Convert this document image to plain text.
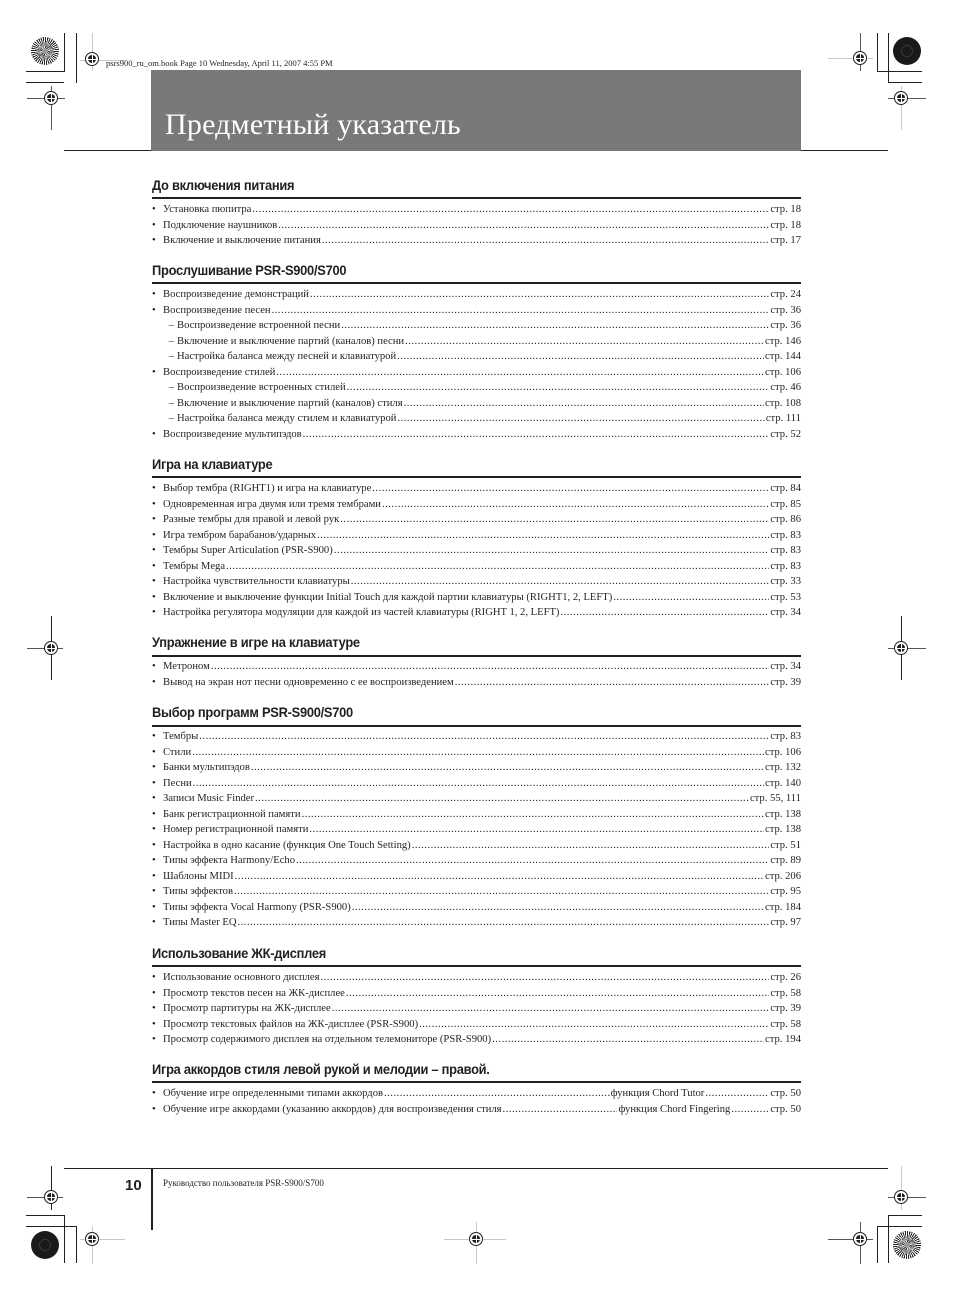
psrs900_ru_om.book Page 10 Wednesday, April 11, 2007 4:55 PM
Предметный указатель
До включения питания
• Установка пюпитра .....	стр. 18
• Подключение наушников .....	стр. 18
• Включение и выключение питания .....	стр. 17
Прослушивание PSR-S900/S700
• Воспроизведение демонстраций .....	стр. 24
• Воспроизведение песен .....	стр. 36
– Воспроизведение встроенной песни .....	стр. 36
– Включение и выключение партий (каналов) песни .....	стр. 146
– Настройка баланса между песней и клавиатурой .....	стр. 144
• Воспроизведение стилей .....	стр. 106
– Воспроизведение встроенных стилей .....	стр. 46
– Включение и выключение партий (каналов) стиля .....	стр. 108
– Настройка баланса между стилем и клавиатурой .....	стр. 111
• Воспроизведение мультипэдов .....	стр. 52
Игра на клавиатуре
• Выбор тембра (RIGHT1) и игра на клавиатуре .....	стр. 84
• Одновременная игра двумя или тремя тембрами .....	стр. 85
• Разные тембры для правой и левой рук .....	стр. 86
• Игра тембром барабанов/ударных .....	стр. 83
• Тембры Super Articulation (PSR-S900) .....	стр. 83
• Тембры Mega .....	стр. 83
• Настройка чувствительности клавиатуры .....	стр. 33
• Включение и выключение функции Initial Touch для каждой партии клавиатуры (RIGHT1, 2, LEFT) .....	стр. 53
• Настройка регулятора модуляции для каждой из частей клавиатуры (RIGHT 1, 2, LEFT) .....	стр. 34
Упражнение в игре на клавиатуре
• Метроном .....	стр. 34
• Вывод на экран нот песни одновременно с ее воспроизведением .....	стр. 39
Выбор программ PSR-S900/S700
• Тембры .....	стр. 83
• Стили .....	стр. 106
• Банки мультипэдов .....	стр. 132
• Песни .....	стр. 140
• Записи Music Finder .....	стр. 55, 111
• Банк регистрационной памяти .....	стр. 138
• Номер регистрационной памяти .....	стр. 138
• Настройка в одно касание (функция One Touch Setting) .....	стр. 51
• Типы эффекта Harmony/Echo .....	стр. 89
• Шаблоны MIDI .....	стр. 206
• Типы эффектов .....	стр. 95
• Типы эффекта Vocal Harmony (PSR-S900) .....	стр. 184
• Типы Master EQ .....	стр. 97
Использование ЖК-дисплея
• Использование основного дисплея .....	стр. 26
• Просмотр текстов песен на ЖК-дисплее .....	стр. 58
• Просмотр партитуры на ЖК-дисплее .....	стр. 39
• Просмотр текстовых файлов на ЖК-дисплее (PSR-S900) .....	стр. 58
• Просмотр содержимого дисплея на отдельном телемониторе (PSR-S900) .....	стр. 194
Игра аккордов стиля левой рукой и мелодии – правой.
• Обучение игре определенными типами аккордов .....	функция Chord Tutor .....	стр. 50
• Обучение игре аккордами (указанию аккордов) для воспроизведения стиля .....	функция Chord Fingering .....	стр. 50
10 Руководство пользователя PSR-S900/S700
